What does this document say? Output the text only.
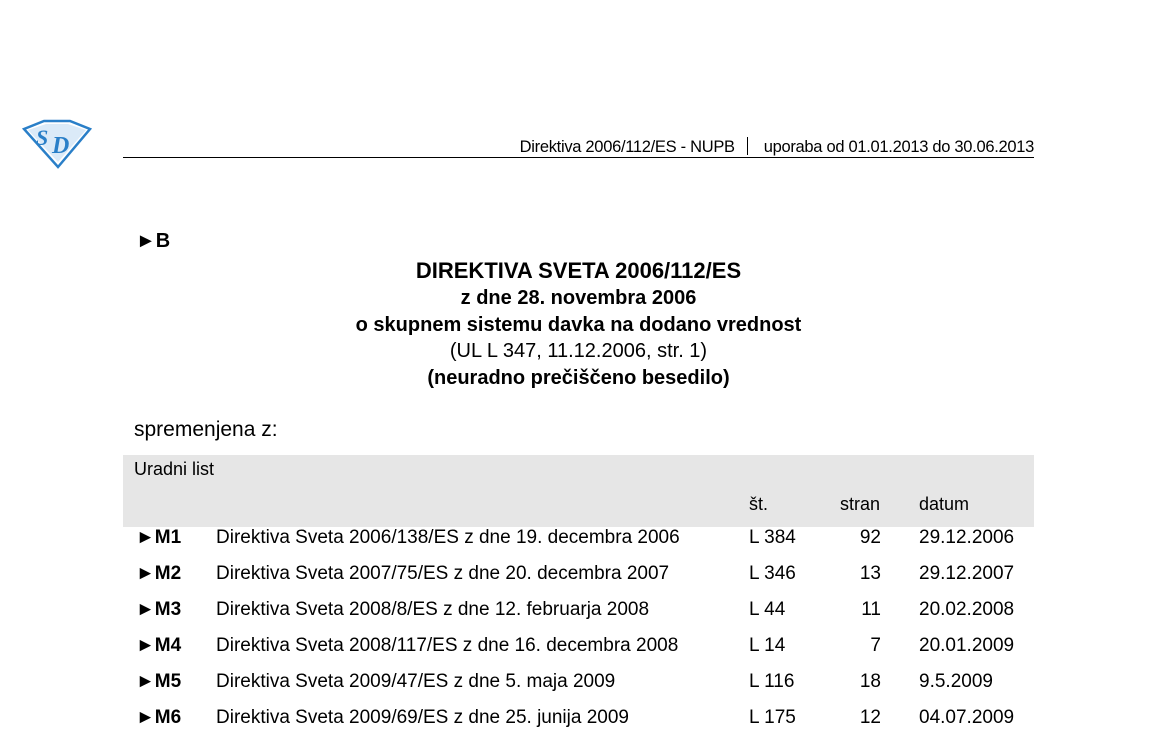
S D	Direktiva 2006/112/ES - NUPB uporaba od 01.01.2013 do 30.06.2013
►B
DIREKTIVA SVETA 2006/112/ES
z dne 28. novembra 2006
o skupnem sistemu davka na dodano vrednost
(UL L 347, 11.12.2006, str. 1)
(neuradno prečiščeno besedilo)
spremenjena z:
Uradni list
št.	stran datum
►M1 Direktiva Sveta 2006/138/ES z dne 19. decembra 2006	L 384	92 29.12.2006
►M2 Direktiva Sveta 2007/75/ES z dne 20. decembra 2007	L 346	13 29.12.2007
►M3 Direktiva Sveta 2008/8/ES z dne 12. februarja 2008	L 44	11 20.02.2008
►M4 Direktiva Sveta 2008/117/ES z dne 16. decembra 2008	L 14	7 20.01.2009
►M5 Direktiva Sveta 2009/47/ES z dne 5. maja 2009	L 116	18 9.5.2009
►M6 Direktiva Sveta 2009/69/ES z dne 25. junija 2009	L 175	12 04.07.2009
